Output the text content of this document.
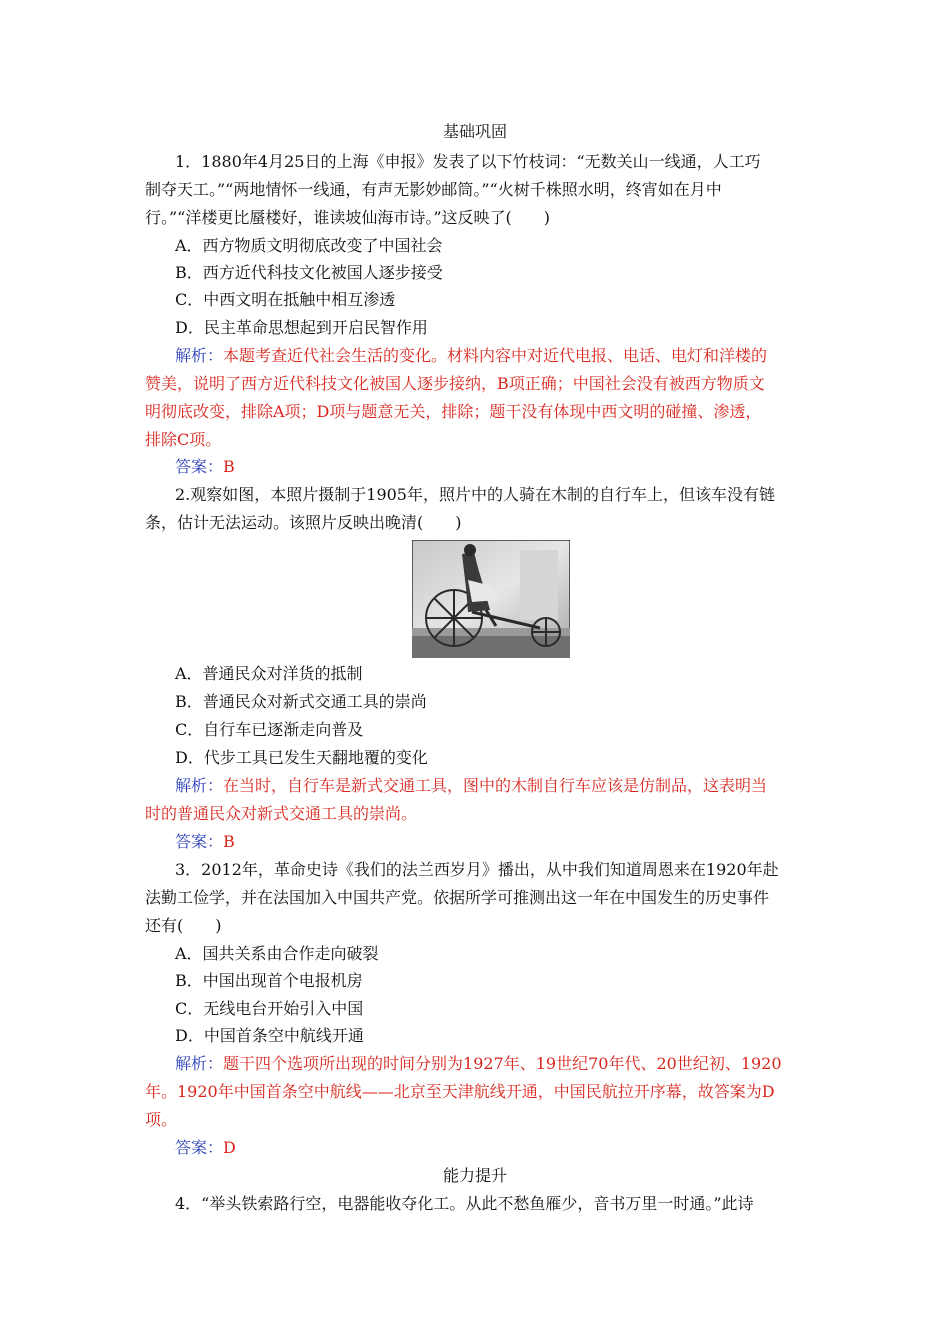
基础巩固
1．1880年4月25日的上海《申报》发表了以下竹枝词：“无数关山一线通，人工巧
制夺天工。”“两地情怀一线通，有声无影妙邮筒。”“火树千株照水明，终宵如在月中
行。”“洋楼更比蜃楼好，谁读坡仙海市诗。”这反映了(　　)
A．西方物质文明彻底改变了中国社会
B．西方近代科技文化被国人逐步接受
C．中西文明在抵触中相互渗透
D．民主革命思想起到开启民智作用
解析：本题考查近代社会生活的变化。材料内容中对近代电报、电话、电灯和洋楼的
赞美，说明了西方近代科技文化被国人逐步接纳，B项正确；中国社会没有被西方物质文
明彻底改变，排除A项；D项与题意无关，排除；题干没有体现中西文明的碰撞、渗透，
排除C项。
答案：B
2.观察如图，本照片摄制于1905年，照片中的人骑在木制的自行车上，但该车没有链
条，估计无法运动。该照片反映出晚清(　　)
A．普通民众对洋货的抵制
B．普通民众对新式交通工具的崇尚
C．自行车已逐渐走向普及
D．代步工具已发生天翻地覆的变化
解析：在当时，自行车是新式交通工具，图中的木制自行车应该是仿制品，这表明当
时的普通民众对新式交通工具的崇尚。
答案：B
3．2012年，革命史诗《我们的法兰西岁月》播出，从中我们知道周恩来在1920年赴
法勤工俭学，并在法国加入中国共产党。依据所学可推测出这一年在中国发生的历史事件
还有(　　)
A．国共关系由合作走向破裂
B．中国出现首个电报机房
C．无线电台开始引入中国
D．中国首条空中航线开通
解析：题干四个选项所出现的时间分别为1927年、19世纪70年代、20世纪初、1920
年。1920年中国首条空中航线——北京至天津航线开通，中国民航拉开序幕，故答案为D
项。
答案：D
能力提升
4．“举头铁索路行空，电器能收夺化工。从此不愁鱼雁少，音书万里一时通。”此诗
